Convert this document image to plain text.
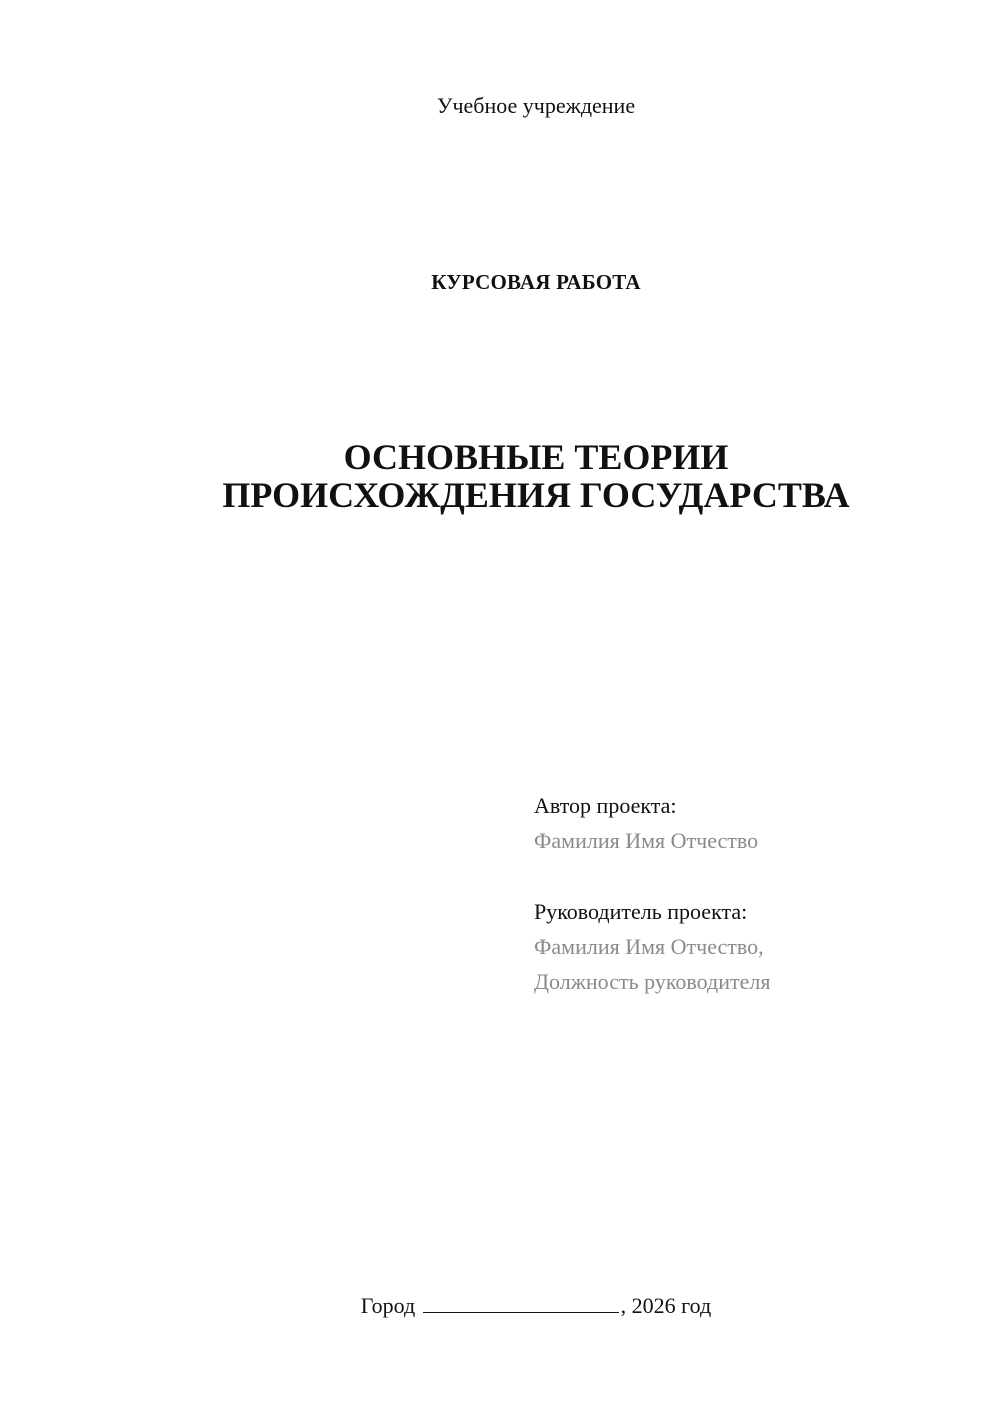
Учебное учреждение
КУРСОВАЯ РАБОТА
ОСНОВНЫЕ ТЕОРИИ
ПРОИСХОЖДЕНИЯ ГОСУДАРСТВА
Автор проекта:
Фамилия Имя Отчество
Руководитель проекта:
Фамилия Имя Отчество,
Должность руководителя
Город	, 2026 год
